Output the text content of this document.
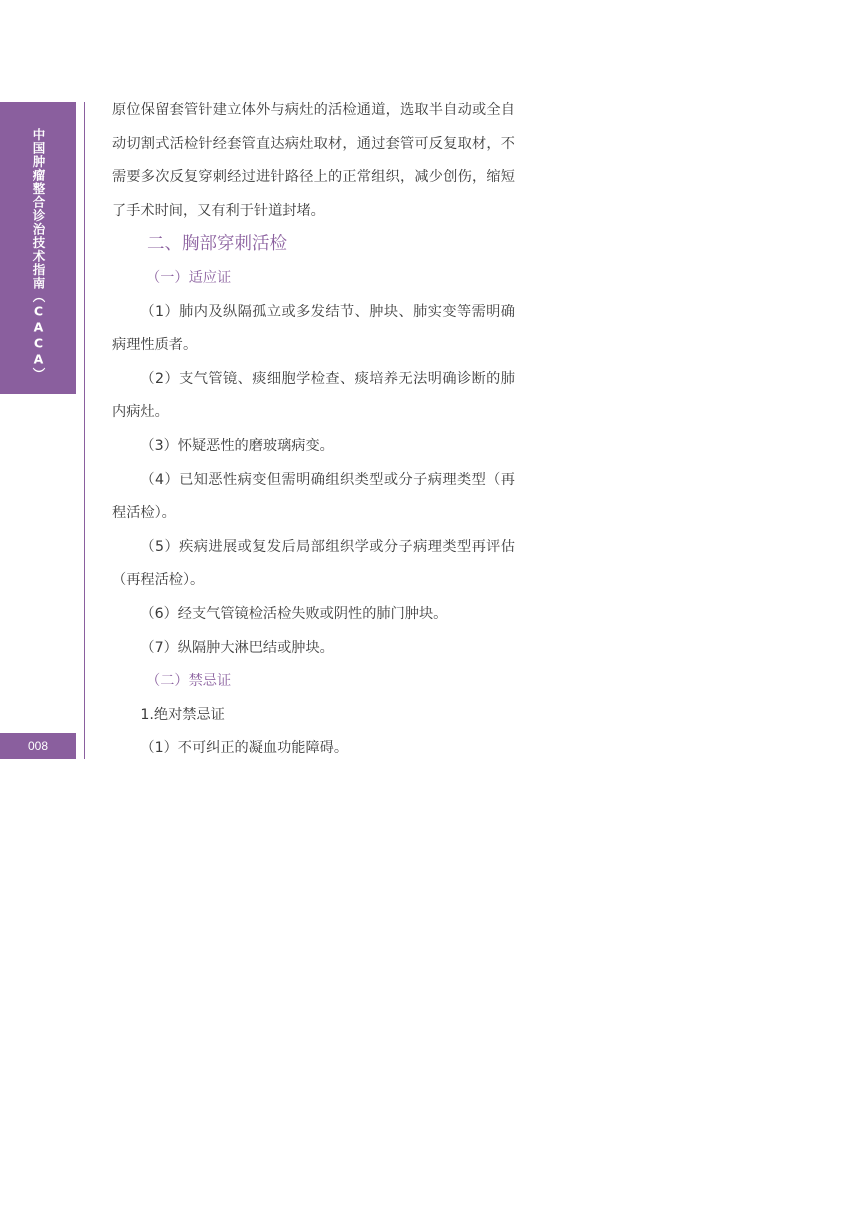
中国肿瘤整合诊治技术指南（CACA）
008

原位保留套管针建立体外与病灶的活检通道，选取半自动或全自动切割式活检针经套管直达病灶取材，通过套管可反复取材，不需要多次反复穿刺经过进针路径上的正常组织，减少创伤，缩短了手术时间，又有利于针道封堵。

二、胸部穿刺活检

（一）适应证

（1）肺内及纵隔孤立或多发结节、肿块、肺实变等需明确病理性质者。

（2）支气管镜、痰细胞学检查、痰培养无法明确诊断的肺内病灶。

（3）怀疑恶性的磨玻璃病变。

（4）已知恶性病变但需明确组织类型或分子病理类型（再程活检）。

（5）疾病进展或复发后局部组织学或分子病理类型再评估（再程活检）。

（6）经支气管镜检活检失败或阴性的肺门肿块。

（7）纵隔肿大淋巴结或肿块。

（二）禁忌证

1.绝对禁忌证

（1）不可纠正的凝血功能障碍。
